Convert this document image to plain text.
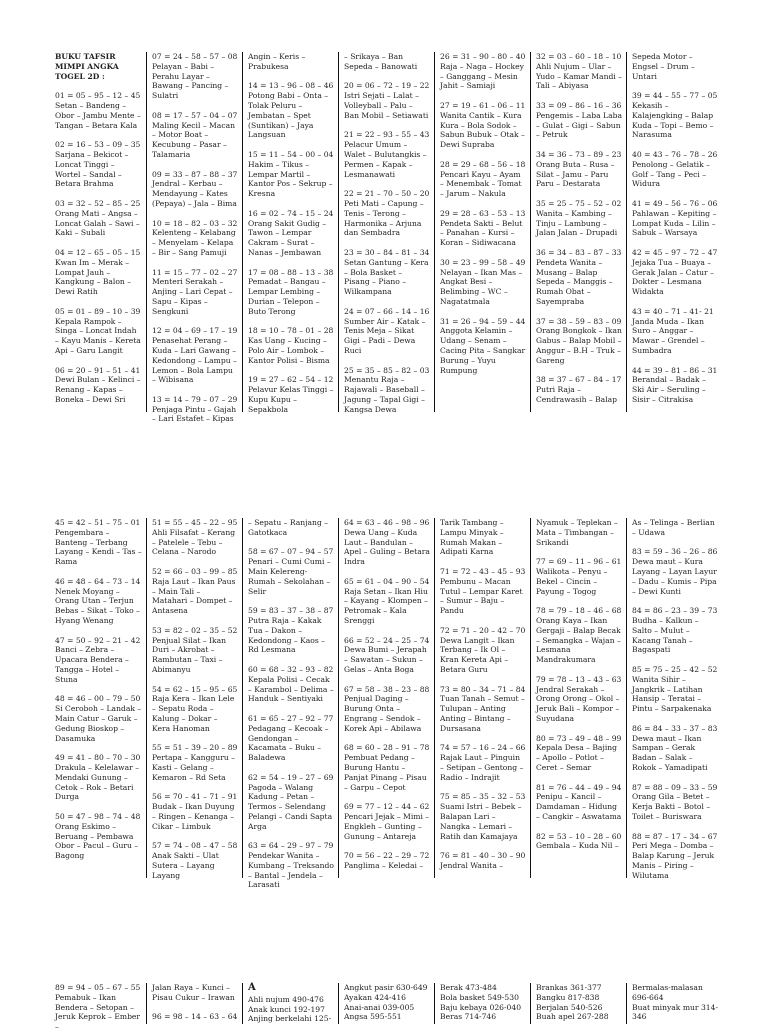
BUKU TAFSIR MIMPI ANGKA TOGEL 2D :

01 = 05 – 95 – 12 – 45
Setan – Bandeng – Obor – Jambu Mente – Tangan – Betara Kala

02 = 16 – 53 – 09 – 35
Sarjana – Bekicot – Loncat Tinggi – Wortel – Sandal – Betara Brahma

03 = 32 – 52 – 85 – 25
Orang Mati – Angsa – Loncat Galah – Sawi – Kaki – Subali

04 = 12 – 65 – 05 – 15
Kwan Im – Merak – Lompat Jauh – Kangkung – Balon – Dewi Ratih

05 = 01 – 89 – 10 – 39
Kepala Rampok – Singa – Loncat Indah – Kayu Manis – Kereta Api – Garu Langit

06 = 20 – 91 – 51 – 41
Dewi Bulan – Kelinci – Renang – Kapas – Boneka – Dewi Sri

07 = 24 – 58 – 57 – 08
Pelayan – Babi – Perahu Layar – Bawang – Pancing – Sulatri

08 = 17 – 57 – 04 – 07
Maling Kecil – Macan – Motor Boat – Kecubung – Pasar – Talamaria

09 = 33 – 87 – 88 – 37
Jendral – Kerbau – Mendayung – Kates (Pepaya) – Jala – Bima

10 = 18 – 82 – 03 – 32
Kelenteng – Kelabang – Menyelam – Kelapa – Bir – Sang Pamuji

11 = 15 – 77 – 02 – 27
Menteri Serakah – Anjing – Lari Cepat – Sapu – Kipas – Sengkuni

12 = 04 – 69 – 17 – 19
Penasehat Perang – Kuda – Lari Gawang – Kedondong – Lampu – Lemon – Bola Lampu – Wibisana

13 = 14 – 79 – 07 – 29
Penjaga Pintu – Gajah – Lari Estafet – Kipas

Angin – Keris – Prabukesa

14 = 13 – 96 – 08 – 46
Potong Babi – Onta – Tolak Peluru – Jembatan – Spet (Suntikan) – Jaya Langsuan

15 = 11 – 54 – 00 – 04
Hakim – Tikus – Lempar Martil – Kantor Pos – Sekrup – Kresna

16 = 02 – 74 – 15 – 24
Orang Sakit Gudig – Tawon – Lempar Cakram – Surat – Nanas – Jembawan

17 = 08 – 88 – 13 – 38
Pemadat – Bangau – Lempar Lembing – Durian – Telepon – Buto Terong

18 = 10 – 78 – 01 – 28
Kas Uang – Kucing – Polo Air – Lombok – Kantor Polisi – Bisma

19 = 27 – 62 – 54 – 12
Pelavur Kelas Tinggi – Kupu Kupu – Sepakbola

– Srikaya – Ban Sepeda – Banowati

20 = 06 – 72 – 19 – 22
Istri Sejati – Lalat – Volleyball – Palu – Ban Mobil – Setiawati

21 = 22 – 93 – 55 – 43
Pelacur Umum – Walet – Bulutangkis – Permen – Kapak – Lesmanawati

22 = 21 – 70 – 50 – 20
Peti Mati – Capung – Tenis – Terong – Harmonika – Arjuna dan Sembadra

23 = 30 – 84 – 81 – 34
Setan Gantung – Kera – Bola Basket – Pisang – Piano – Wilkampana

24 = 07 – 66 – 14 – 16
Sumber Air – Katak – Tenis Meja – Sikat Gigi – Padi – Dewa Ruci

25 = 35 – 85 – 82 – 03
Menantu Raja – Rajawali – Baseball – Jagung – Tapal Gigi – Kangsa Dewa

26 = 31 – 90 – 80 – 40
Raja – Naga – Hockey – Ganggang – Mesin Jahit – Samiaji

27 = 19 – 61 – 06 – 11
Wanita Cantik – Kura Kura – Bola Sodok – Sabun Bubuk – Otak – Dewi Supraba

28 = 29 – 68 – 56 – 18
Pencari Kayu – Ayam – Menembak – Tomat – Jarum – Nakula

29 = 28 – 63 – 53 – 13
Pendeta Sakti – Belut – Panahan – Kursi – Koran – Sidiwacana

30 = 23 – 99 – 58 – 49
Nelayan – Ikan Mas – Angkat Besi – Belimbing – WC – Nagatatmala

31 = 26 – 94 – 59 – 44
Anggota Kelamin – Udang – Senam – Cacing Pita – Sangkar Burung – Yuyu Rumpung

32 = 03 – 60 – 18 – 10
Ahli Nujum – Ular – Yudo – Kamar Mandi – Tali – Abiyasa

33 = 09 – 86 – 16 – 36
Pengemis – Laba Laba – Gulat – Gigi – Sabun – Petruk

34 = 36 – 73 – 89 – 23
Orang Buta – Rusa – Silat – Jamu – Paru Paru – Destarata

35 = 25 – 75 – 52 – 02
Wanita – Kambing – Tinju – Lambung – Jalan Jalan – Drupadi

36 = 34 – 83 – 87 – 33
Pendeta Wanita – Musang – Balap Sepeda – Manggis – Rumah Obat – Sayempraba

37 = 38 – 59 – 83 – 09
Orang Bongkok – Ikan Gabus – Balap Mobil – Anggur – B.H – Truk – Gareng

38 = 37 – 67 – 84 – 17
Putri Raja – Cendrawasih – Balap

Sepeda Motor – Engsel – Drum – Untari

39 = 44 – 55 – 77 – 05
Kekasih – Kalajengking – Balap Kuda – Topi – Bemo – Narasuma

40 = 43 – 76 – 78 – 26
Penolong – Gelatik – Golf – Tang – Peci – Widura

41 = 49 – 56 – 76 – 06
Pahlawan – Kepiting – Lompat Kuda – Lilin – Sabuk – Warsaya

42 = 45 – 97 – 72 – 47
Jejaka Tua – Buaya – Gerak Jalan – Catur – Dokter – Lesmana Widakta

43 = 40 – 71 – 41- 21
Janda Muda – Ikan Suro – Anggar – Mawar – Grendel – Sumbadra

44 = 39 – 81 – 86 – 31
Berandal – Badak – Ski Air – Seruling – Sisir – Citrakisa

45 = 42 – 51 – 75 – 01
Pengembara – Banteng – Terbang Layang – Kendi – Tas – Rama

46 = 48 – 64 – 73 – 14
Nenek Moyang – Orang Utan – Terjun Bebas – Sikat – Toko – Hyang Wenang

47 = 50 – 92 – 21 – 42
Banci – Zebra – Upacara Bendera – Tangga – Hotel – Stuna

48 = 46 – 00 – 79 – 50
Si Ceroboh – Landak – Main Catur – Garuk – Gedung Bioskop – Dasamuka

49 = 41 – 80 – 70 – 30
Drakula – Kelelawar – Mendaki Gunung – Cetok – Rok – Betari Durga

50 = 47 – 98 – 74 – 48
Orang Eskimo – Beruang – Pembawa Obor – Pacul – Guru – Bagong

51 = 55 – 45 – 22 – 95
Ahli Filsafat – Kerang – Patelele – Tebu – Celana – Narodo

52 = 66 – 03 – 99 – 85
Raja Laut – Ikan Paus – Main Tali – Matahari – Dompet – Antasena

53 = 82 – 02 – 35 – 52
Penjual Silat – Ikan Duri – Akrobat – Rambutan – Taxi – Abimanyu

54 = 62 – 15 – 95 – 65
Raja Kera – Ikan Lele – Sepatu Roda – Kalung – Dokar – Kera Hanoman

55 = 51 – 39 – 20 – 89
Pertapa – Kangguru – Kasti – Gelang – Kemaron – Rd Seta

56 = 70 – 41 – 71 – 91
Budak – Ikan Duyung – Ringen – Kenanga – Cikar – Limbuk

57 = 74 – 08 – 47 – 58
Anak Sakti – Ulat Sutera – Layang Layang

– Sepatu – Ranjang – Gatotkaca

58 = 67 – 07 – 94 – 57
Penari – Cumi Cumi – Main Kelereng- Rumah – Sekolahan – Selir

59 = 83 – 37 – 38 – 87
Putra Raja – Kakak Tua – Dakon – Kedondong – Kaos – Rd Lesmana

60 = 68 – 32 – 93 – 82
Kepala Polisi – Cecak – Karambol – Delima – Handuk – Sentiyaki

61 = 65 – 27 – 92 – 77
Pedagang – Kecoak – Gendongan – Kacamata – Buku – Baladewa

62 = 54 – 19 – 27 – 69
Pagoda – Walang Kadung – Petan – Termos – Selendang Pelangi – Candi Sapta Arga

63 = 64 – 29 – 97 – 79
Pendekar Wanita – Kumbang – Treksando – Bantal – Jendela – Larasati

64 = 63 – 46 – 98 – 96
Dewa Uang – Kuda Laut – Bandulan – Apel – Guling – Betara Indra

65 = 61 – 04 – 90 – 54
Raja Setan – Ikan Hiu – Kayang – Klompen – Petromak – Kala Srenggi

66 = 52 – 24 – 25 – 74
Dewa Bumi – Jerapah – Sawatan – Sukun – Gelas – Anta Boga

67 = 58 – 38 – 23 – 88
Penjual Daging – Burung Onta – Engrang – Sendok – Korek Api – Abilawa

68 = 60 – 28 – 91 – 78
Pembuat Pedang – Burung Hantu – Panjat Pinang – Pisau – Garpu – Cepot

69 = 77 – 12 – 44 – 62
Pencari Jejak – Mimi – Engkleh – Gunting – Gunung – Antareja

70 = 56 – 22 – 29 – 72
Panglima – Keledai –

Tarik Tambang – Lampu Minyak – Rumah Makan – Adipati Karna

71 = 72 – 43 – 45 – 93
Pembunu – Macan Tutul – Lempar Karet – Sumur – Baju – Pandu

72 = 71 – 20 – 42 – 70
Dewa Langit – Ikan Terbang – Ik Ol – Kran Kereta Api – Betara Guru

73 = 80 – 34 – 71 – 84
Tuan Tanah – Semut – Tulupan – Anting Anting – Bintang – Dursasana

74 = 57 – 16 – 24 – 66
Rajak Laut – Pinguin – Setipan – Gentong – Radio – Indrajit

75 = 85 – 35 – 32 – 53
Suami Istri – Bebek – Balapan Lari – Nangka – Lemari – Ratih dan Kamajaya

76 = 81 – 40 – 30 – 90
Jendral Wanita –

Nyamuk – Teplekan – Mata – Timbangan – Srikandi

77 = 69 – 11 – 96 – 61
Walikota – Penyu – Bekel – Cincin – Payung – Togog

78 = 79 – 18 – 46 – 68
Orang Kaya – Ikan Gergaji – Balap Becak – Semangka – Wajan – Lesmana Mandrakumara

79 = 78 – 13 – 43 – 63
Jendral Serakah – Orong Orong – Okol – Jeruk Bali – Kompor – Suyudana

80 = 73 – 49 – 48 – 99
Kepala Desa – Bajing – Apollo – Potlot – Ceret – Semar

81 = 76 – 44 – 49 – 94
Penipu – Kancil – Damdaman – Hidung – Cangkir – Aswatama

82 = 53 – 10 – 28 – 60
Gembala – Kuda Nil –

As – Telinga – Berlian – Udawa

83 = 59 – 36 – 26 – 86
Dewa maut – Kura Layang – Layan Layur – Dadu – Kumis – Pipa – Dewi Kunti

84 = 86 – 23 – 39 – 73
Budha – Kalkun – Salto – Mulut – Kacang Tanah – Bagaspati

85 = 75 – 25 – 42 – 52
Wanita Sihir – Jangkrik – Latihan Hansip – Teratai – Pintu – Sarpakenaka

86 = 84 – 33 – 37 – 83
Dewa maut – Ikan Sampan – Gerak Badan – Salak – Rokok – Yamadipati

87 = 88 – 09 – 33 – 59
Orang Gila – Betet – Kerja Bakti – Botol – Toilet – Buriswara

88 = 87 – 17 – 34 – 67
Peri Mega – Domba – Balap Karung – Jeruk Manis – Piring – Wilutama

89 = 94 – 05 – 67 – 55
Pemabuk – Ikan Bendera – Setopan – Jeruk Keprok – Ember –

Jalan Raya – Kunci – Pisau Cukur – Irawan

96 = 98 – 14 – 63 – 64

A

Ahli nujum 490-476
Anak kunci 192-197
Anjing berkelahi 125-

Angkut pasir 630-649
Ayakan 424-416
Anai-anai 039-005
Angsa 595-551

Berak 473-484
Bola basket 549-530
Baju kebaya 026-040
Beras 714-746

Brankas 361-377
Bangku 817-838
Berjalan 540-526
Buah apel 267-288

Bermalas-malasan 696-664
Buat minyak mur 314-346
